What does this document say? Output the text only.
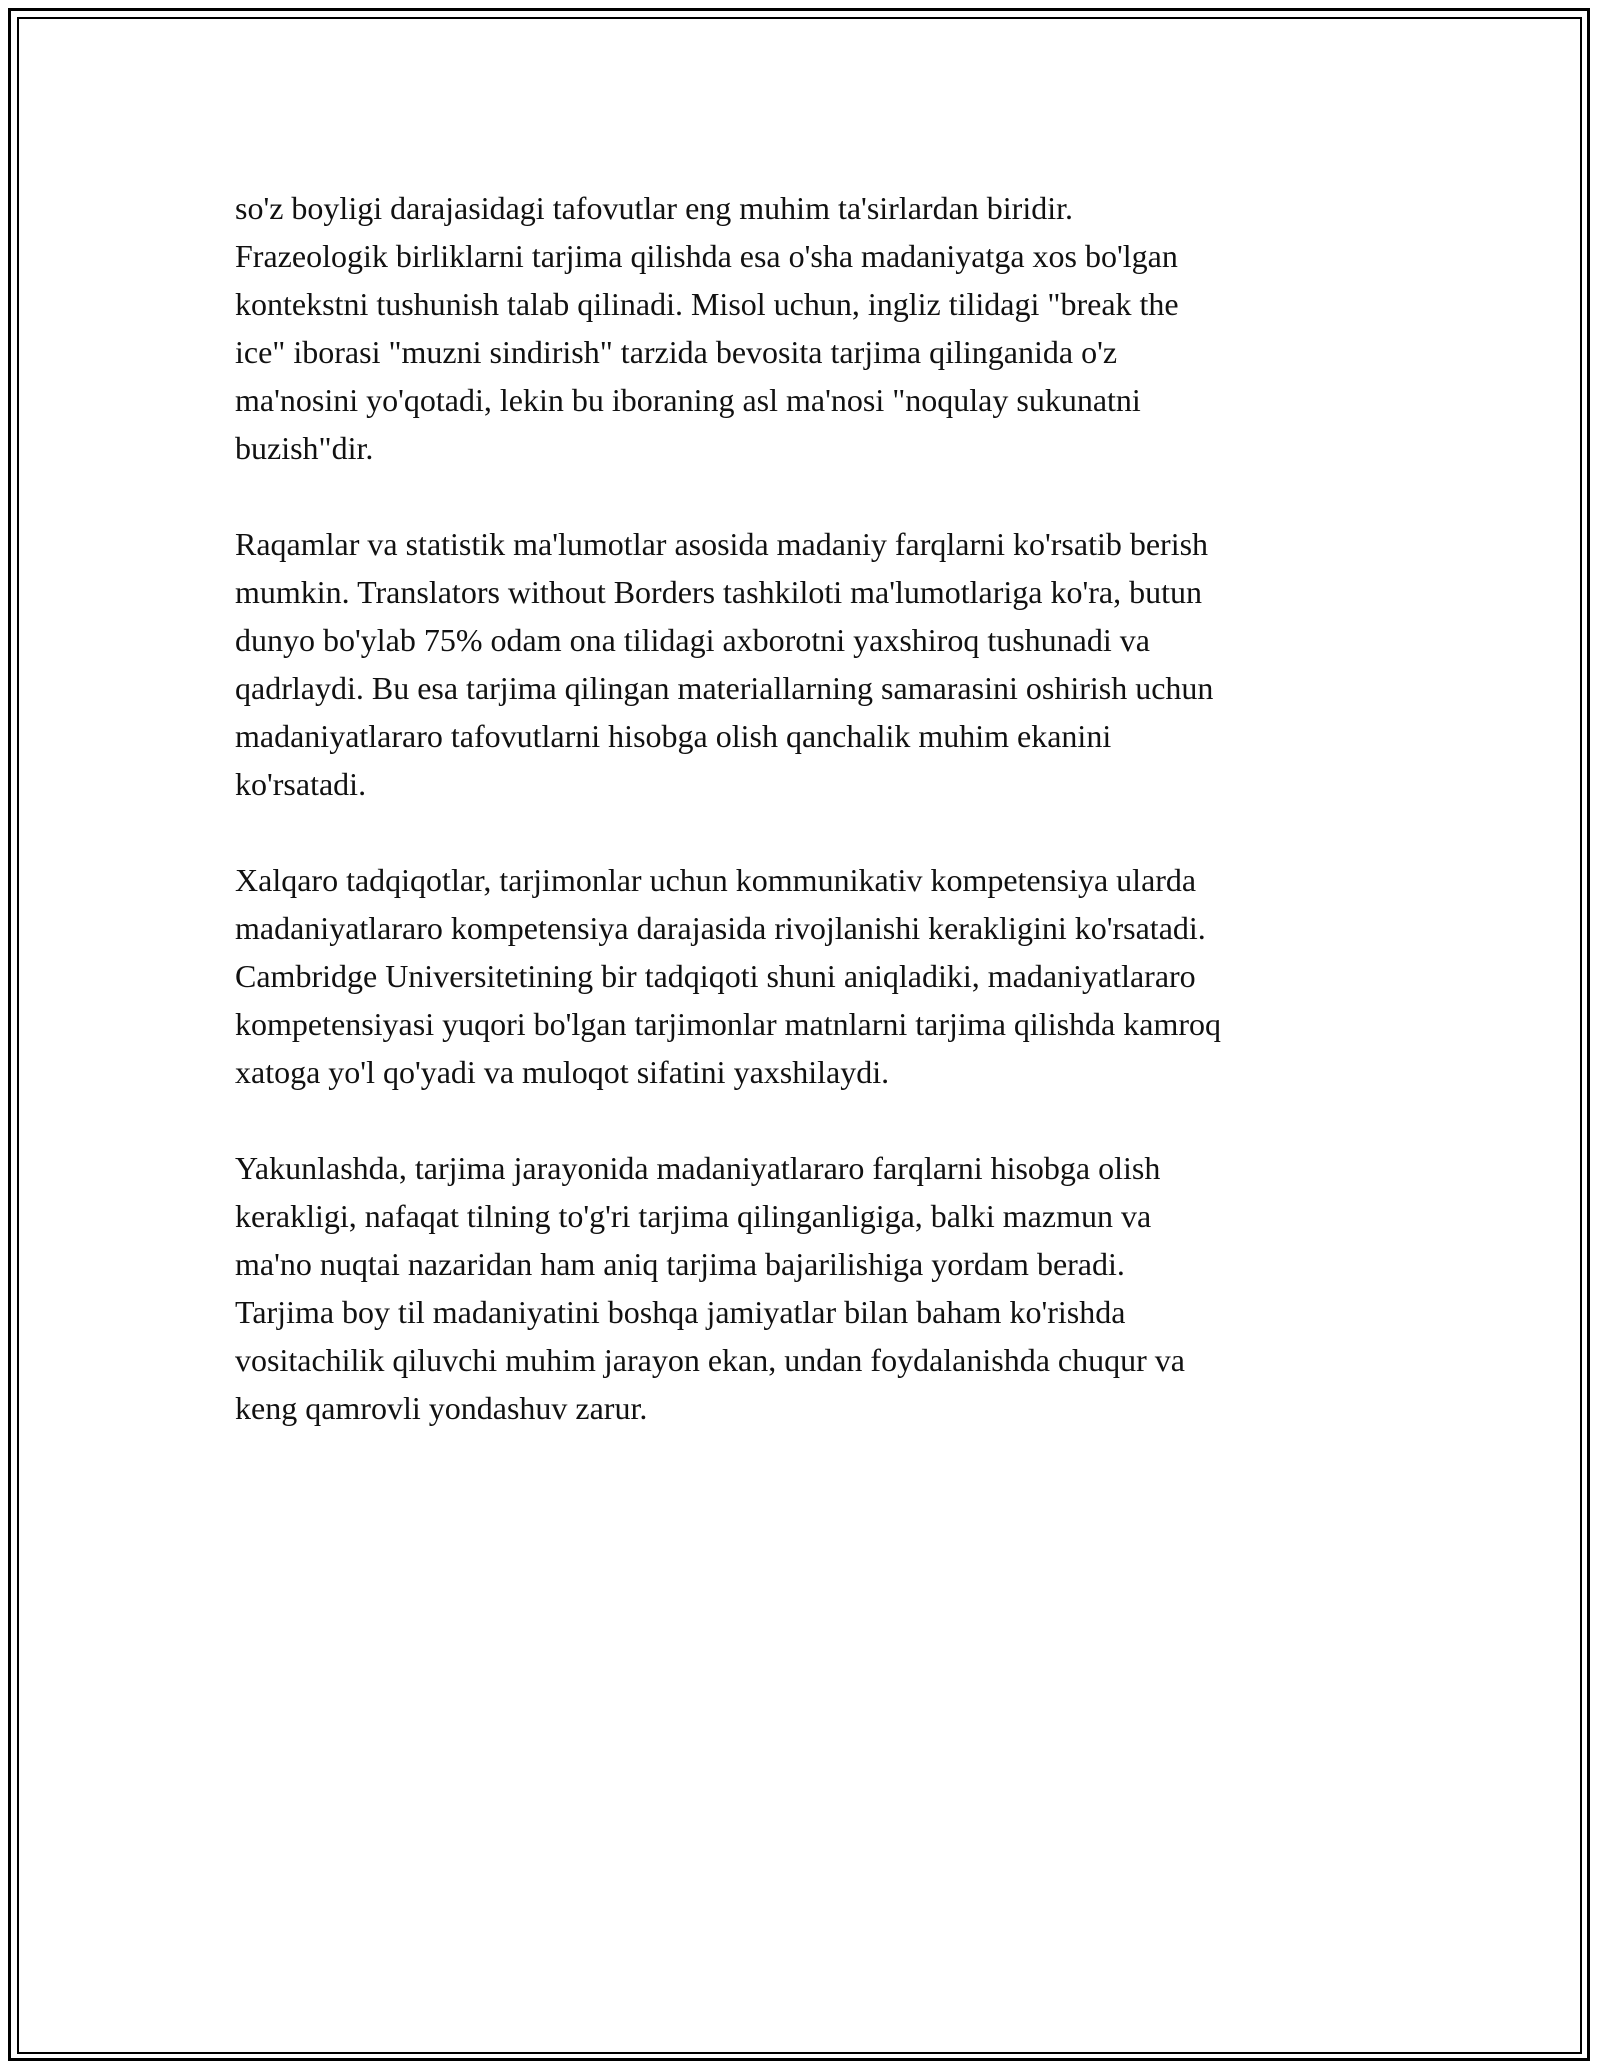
so'z boyligi darajasidagi tafovutlar eng muhim ta'sirlardan biridir.
Frazeologik birliklarni tarjima qilishda esa o'sha madaniyatga xos bo'lgan
kontekstni tushunish talab qilinadi. Misol uchun, ingliz tilidagi "break the
ice" iborasi "muzni sindirish" tarzida bevosita tarjima qilinganida o'z
ma'nosini yo'qotadi, lekin bu iboraning asl ma'nosi "noqulay sukunatni
buzish"dir.

Raqamlar va statistik ma'lumotlar asosida madaniy farqlarni ko'rsatib berish
mumkin. Translators without Borders tashkiloti ma'lumotlariga ko'ra, butun
dunyo bo'ylab 75% odam ona tilidagi axborotni yaxshiroq tushunadi va
qadrlaydi. Bu esa tarjima qilingan materiallarning samarasini oshirish uchun
madaniyatlararo tafovutlarni hisobga olish qanchalik muhim ekanini
ko'rsatadi.

Xalqaro tadqiqotlar, tarjimonlar uchun kommunikativ kompetensiya ularda
madaniyatlararo kompetensiya darajasida rivojlanishi kerakligini ko'rsatadi.
Cambridge Universitetining bir tadqiqoti shuni aniqladiki, madaniyatlararo
kompetensiyasi yuqori bo'lgan tarjimonlar matnlarni tarjima qilishda kamroq
xatoga yo'l qo'yadi va muloqot sifatini yaxshilaydi.

Yakunlashda, tarjima jarayonida madaniyatlararo farqlarni hisobga olish
kerakligi, nafaqat tilning to'g'ri tarjima qilinganligiga, balki mazmun va
ma'no nuqtai nazaridan ham aniq tarjima bajarilishiga yordam beradi.
Tarjima boy til madaniyatini boshqa jamiyatlar bilan baham ko'rishda
vositachilik qiluvchi muhim jarayon ekan, undan foydalanishda chuqur va
keng qamrovli yondashuv zarur.
